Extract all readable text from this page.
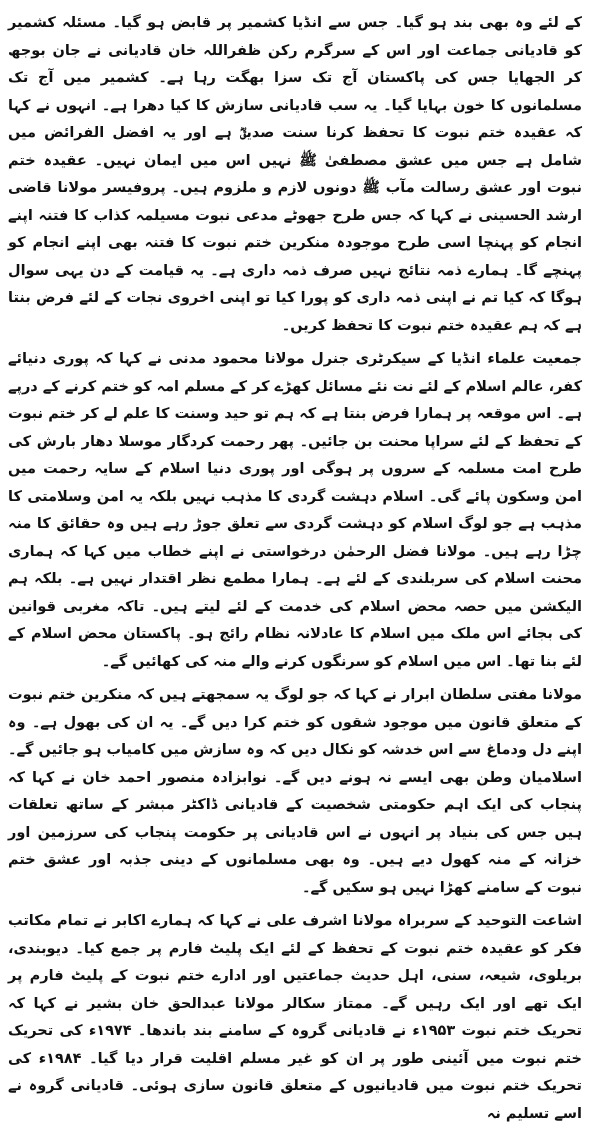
کے لئے وہ بھی بند ہو گیا۔ جس سے انڈیا کشمیر پر قابض ہو گیا۔ مسئلہ کشمیر کو قادیانی جماعت اور اس کے سرگرم رکن ظفراللہ خان قادیانی نے جان بوجھ کر الجھایا جس کی پاکستان آج تک سزا بھگت رہا ہے۔ کشمیر میں آج تک مسلمانوں کا خون بہایا گیا۔ یہ سب قادیانی سازش کا کیا دھرا ہے۔ انہوں نے کہا کہ عقیدہ ختم نبوت کا تحفظ کرنا سنت صدیقؓ ہے اور یہ افضل الفرائض میں شامل ہے جس میں عشق مصطفیٰ ﷺ نہیں اس میں ایمان نہیں۔ عقیدہ ختم نبوت اور عشق رسالت مآب ﷺ دونوں لازم و ملزوم ہیں۔ پروفیسر مولانا قاضی ارشد الحسینی نے کہا کہ جس طرح جھوٹے مدعی نبوت مسیلمہ کذاب کا فتنہ اپنے انجام کو پہنچا اسی طرح موجودہ منکرین ختم نبوت کا فتنہ بھی اپنے انجام کو پہنچے گا۔ ہمارے ذمہ نتائج نہیں صرف ذمہ داری ہے۔ یہ قیامت کے دن یہی سوال ہوگا کہ کیا تم نے اپنی ذمہ داری کو پورا کیا تو اپنی اخروی نجات کے لئے فرض بنتا ہے کہ ہم عقیدہ ختم نبوت کا تحفظ کریں۔

جمعیت علماء انڈیا کے سیکرٹری جنرل مولانا محمود مدنی نے کہا کہ پوری دنیائے کفر، عالم اسلام کے لئے نت نئے مسائل کھڑے کر کے مسلم امہ کو ختم کرنے کے درپے ہے۔ اس موقعہ پر ہمارا فرض بنتا ہے کہ ہم تو حید وسنت کا علم لے کر ختم نبوت کے تحفظ کے لئے سراپا محنت بن جائیں۔ پھر رحمت کردگار موسلا دھار بارش کی طرح امت مسلمہ کے سروں پر ہوگی اور پوری دنیا اسلام کے سایہ رحمت میں امن وسکون پائے گی۔ اسلام دہشت گردی کا مذہب نہیں بلکہ یہ امن وسلامتی کا مذہب ہے جو لوگ اسلام کو دہشت گردی سے تعلق جوڑ رہے ہیں وہ حقائق کا منہ چڑا رہے ہیں۔ مولانا فضل الرحمٰن درخواستی نے اپنے خطاب میں کہا کہ ہماری محنت اسلام کی سربلندی کے لئے ہے۔ ہمارا مطمع نظر اقتدار نہیں ہے۔ بلکہ ہم الیکشن میں حصہ محض اسلام کی خدمت کے لئے لیتے ہیں۔ تاکہ مغربی قوانین کی بجائے اس ملک میں اسلام کا عادلانہ نظام رائج ہو۔ پاکستان محض اسلام کے لئے بنا تھا۔ اس میں اسلام کو سرنگوں کرنے والے منہ کی کھائیں گے۔

مولانا مفتی سلطان ابرار نے کہا کہ جو لوگ یہ سمجھتے ہیں کہ منکرین ختم نبوت کے متعلق قانون میں موجود شقوں کو ختم کرا دیں گے۔ یہ ان کی بھول ہے۔ وہ اپنے دل ودماغ سے اس خدشہ کو نکال دیں کہ وہ سازش میں کامیاب ہو جائیں گے۔ اسلامیان وطن بھی ایسے نہ ہونے دیں گے۔ نوابزادہ منصور احمد خان نے کہا کہ پنجاب کی ایک اہم حکومتی شخصیت کے قادیانی ڈاکٹر مبشر کے ساتھ تعلقات ہیں جس کی بنیاد پر انہوں نے اس قادیانی پر حکومت پنجاب کی سرزمین اور خزانہ کے منہ کھول دیے ہیں۔ وہ بھی مسلمانوں کے دینی جذبہ اور عشق ختم نبوت کے سامنے کھڑا نہیں ہو سکیں گے۔

اشاعت التوحید کے سربراہ مولانا اشرف علی نے کہا کہ ہمارے اکابر نے تمام مکاتب فکر کو عقیدہ ختم نبوت کے تحفظ کے لئے ایک پلیٹ فارم پر جمع کیا۔ دیوبندی، بریلوی، شیعہ، سنی، اہل حدیث جماعتیں اور ادارے ختم نبوت کے پلیٹ فارم پر ایک تھے اور ایک رہیں گے۔ ممتاز سکالر مولانا عبدالحق خان بشیر نے کہا کہ تحریک ختم نبوت ۱۹۵۳ء نے قادیانی گروہ کے سامنے بند باندھا۔ ۱۹۷۴ء کی تحریک ختم نبوت میں آئینی طور پر ان کو غیر مسلم اقلیت قرار دیا گیا۔ ۱۹۸۴ء کی تحریک ختم نبوت میں قادیانیوں کے متعلق قانون سازی ہوئی۔ قادیانی گروہ نے اسے تسلیم نہ
